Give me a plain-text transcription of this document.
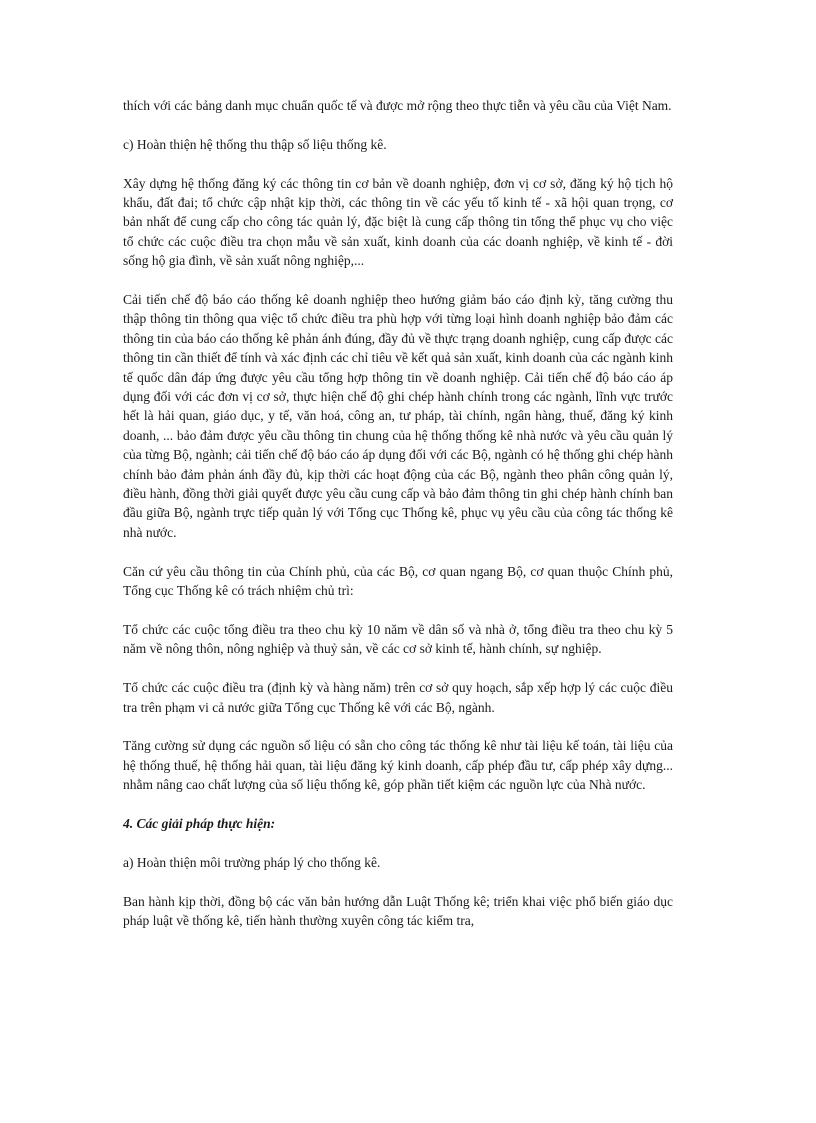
thích với các bảng danh mục chuẩn quốc tế và được mở rộng theo thực tiễn và yêu cầu của Việt Nam.

c) Hoàn thiện hệ thống thu thập số liệu thống kê.

Xây dựng hệ thống đăng ký các thông tin cơ bản về doanh nghiệp, đơn vị cơ sở, đăng ký hộ tịch hộ khẩu, đất đai; tổ chức cập nhật kịp thời, các thông tin về các yếu tố kinh tế - xã hội quan trọng, cơ bản nhất để cung cấp cho công tác quản lý, đặc biệt là cung cấp thông tin tổng thể phục vụ cho việc tổ chức các cuộc điều tra chọn mẫu về sản xuất, kinh doanh của các doanh nghiệp, về kinh tế - đời sống hộ gia đình, về sản xuất nông nghiệp,...

Cải tiến chế độ báo cáo thống kê doanh nghiệp theo hướng giảm báo cáo định kỳ, tăng cường thu thập thông tin thông qua việc tổ chức điều tra phù hợp với từng loại hình doanh nghiệp bảo đảm các thông tin của báo cáo thống kê phản ánh đúng, đầy đủ về thực trạng doanh nghiệp, cung cấp được các thông tin cần thiết để tính và xác định các chỉ tiêu về kết quả sản xuất, kinh doanh của các ngành kinh tế quốc dân đáp ứng được yêu cầu tổng hợp thông tin về doanh nghiệp. Cải tiến chế độ báo cáo áp dụng đối với các đơn vị cơ sở, thực hiện chế độ ghi chép hành chính trong các ngành, lĩnh vực trước hết là hải quan, giáo dục, y tế, văn hoá, công an, tư pháp, tài chính, ngân hàng, thuế, đăng ký kinh doanh, ... bảo đảm được yêu cầu thông tin chung của hệ thống thống kê nhà nước và yêu cầu quản lý của từng Bộ, ngành; cải tiến chế độ báo cáo áp dụng đối với các Bộ, ngành có hệ thống ghi chép hành chính bảo đảm phản ánh đầy đủ, kịp thời các hoạt động của các Bộ, ngành theo phân công quản lý, điều hành, đồng thời giải quyết được yêu cầu cung cấp và bảo đảm thông tin ghi chép hành chính ban đầu giữa Bộ, ngành trực tiếp quản lý với Tổng cục Thống kê, phục vụ yêu cầu của công tác thống kê nhà nước.

Căn cứ yêu cầu thông tin của Chính phủ, của các Bộ, cơ quan ngang Bộ, cơ quan thuộc Chính phủ, Tổng cục Thống kê có trách nhiệm chủ trì:

Tổ chức các cuộc tổng điều tra theo chu kỳ 10 năm về dân số và nhà ở, tổng điều tra theo chu kỳ 5 năm về nông thôn, nông nghiệp và thuỷ sản, về các cơ sở kinh tế, hành chính, sự nghiệp.

Tổ chức các cuộc điều tra (định kỳ và hàng năm) trên cơ sở quy hoạch, sắp xếp hợp lý các cuộc điều tra trên phạm vi cả nước giữa Tổng cục Thống kê với các Bộ, ngành.

Tăng cường sử dụng các nguồn số liệu có sẵn cho công tác thống kê như tài liệu kế toán, tài liệu của hệ thống thuế, hệ thống hải quan, tài liệu đăng ký kinh doanh, cấp phép đầu tư, cấp phép xây dựng... nhằm nâng cao chất lượng của số liệu thống kê, góp phần tiết kiệm các nguồn lực của Nhà nước.

4. Các giải pháp thực hiện:

a) Hoàn thiện môi trường pháp lý cho thống kê.

Ban hành kịp thời, đồng bộ các văn bản hướng dẫn Luật Thống kê; triển khai việc phổ biến giáo dục pháp luật về thống kê, tiến hành thường xuyên công tác kiểm tra,
